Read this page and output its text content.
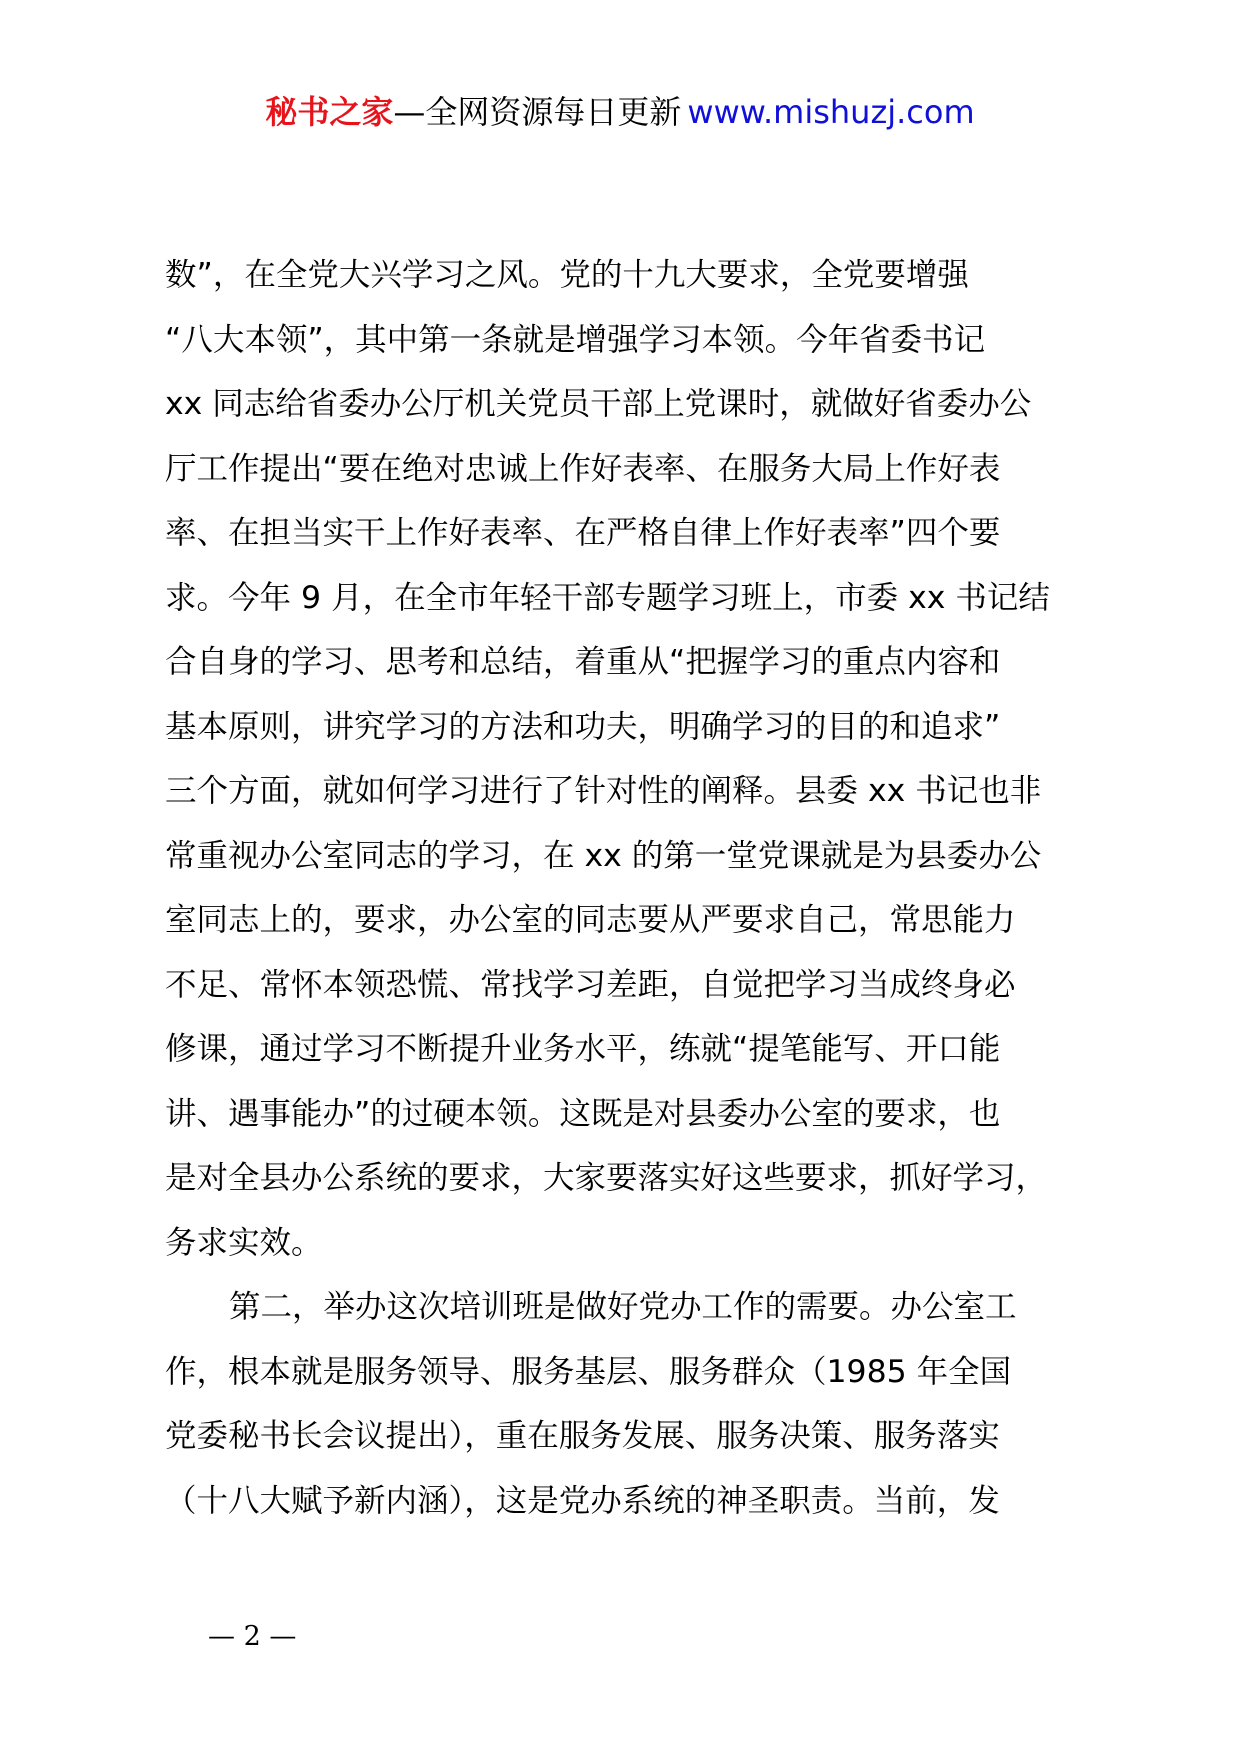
秘书之家—全网资源每日更新 www.mishuzj.com
数”，在全党大兴学习之风。党的十九大要求，全党要增强
“八大本领”，其中第一条就是增强学习本领。今年省委书记
xx 同志给省委办公厅机关党员干部上党课时，就做好省委办公
厅工作提出“要在绝对忠诚上作好表率、在服务大局上作好表
率、在担当实干上作好表率、在严格自律上作好表率”四个要
求。今年 9 月，在全市年轻干部专题学习班上，市委 xx 书记结
合自身的学习、思考和总结，着重从“把握学习的重点内容和
基本原则，讲究学习的方法和功夫，明确学习的目的和追求”
三个方面，就如何学习进行了针对性的阐释。县委 xx 书记也非
常重视办公室同志的学习，在 xx 的第一堂党课就是为县委办公
室同志上的，要求，办公室的同志要从严要求自己，常思能力
不足、常怀本领恐慌、常找学习差距，自觉把学习当成终身必
修课，通过学习不断提升业务水平，练就“提笔能写、开口能
讲、遇事能办”的过硬本领。这既是对县委办公室的要求，也
是对全县办公系统的要求，大家要落实好这些要求，抓好学习，
务求实效。
第二，举办这次培训班是做好党办工作的需要。办公室工
作，根本就是服务领导、服务基层、服务群众（1985 年全国
党委秘书长会议提出），重在服务发展、服务决策、服务落实
（十八大赋予新内涵），这是党办系统的神圣职责。当前，发
— 2 —
